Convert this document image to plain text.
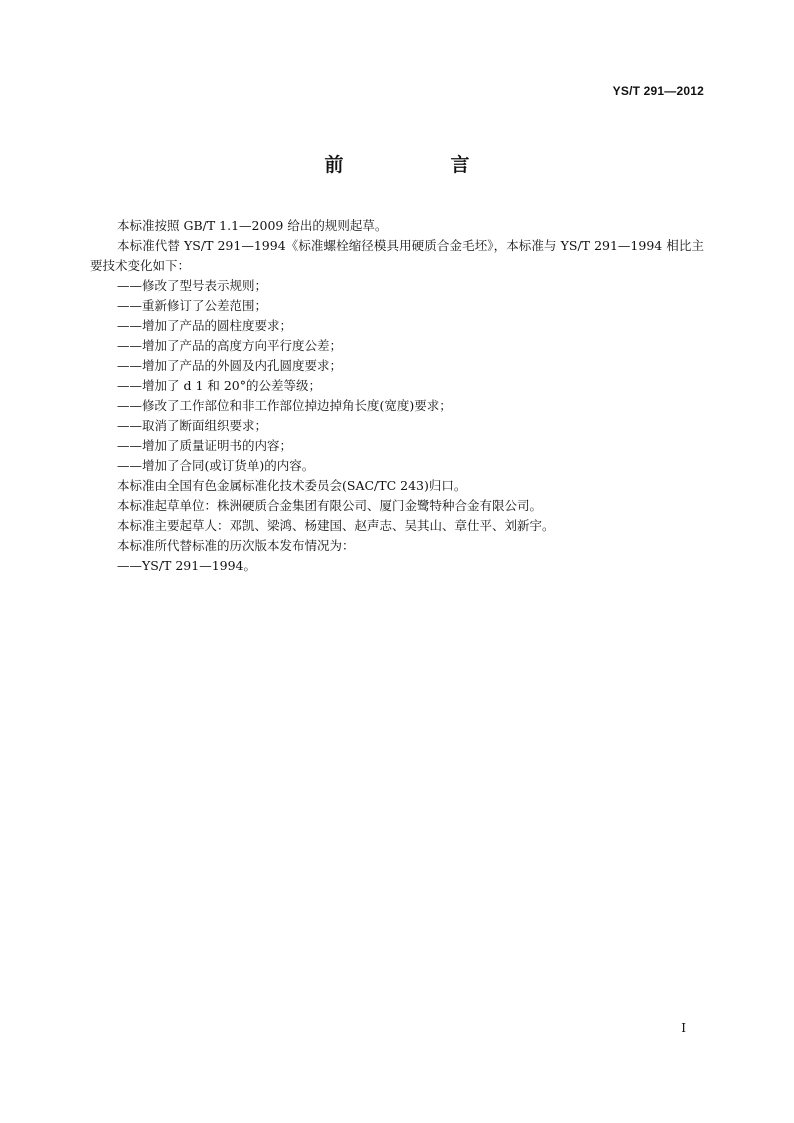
YS/T 291—2012
前　言

本标准按照 GB/T 1.1—2009 给出的规则起草。

本标准代替 YS/T 291—1994《标准螺栓缩径模具用硬质合金毛坯》，本标准与 YS/T 291—1994 相比主要技术变化如下：

——修改了型号表示规则；

——重新修订了公差范围；

——增加了产品的圆柱度要求；

——增加了产品的高度方向平行度公差；

——增加了产品的外圆及内孔圆度要求；

——增加了 d 1 和 20°的公差等级；

——修改了工作部位和非工作部位掉边掉角长度(宽度)要求；

——取消了断面组织要求；

——增加了质量证明书的内容；

——增加了合同(或订货单)的内容。

本标准由全国有色金属标准化技术委员会(SAC/TC 243)归口。

本标准起草单位：株洲硬质合金集团有限公司、厦门金鹭特种合金有限公司。

本标准主要起草人：邓凯、梁鸿、杨建国、赵声志、吴其山、章仕平、刘新宇。

本标准所代替标准的历次版本发布情况为：

——YS/T 291—1994。

I
